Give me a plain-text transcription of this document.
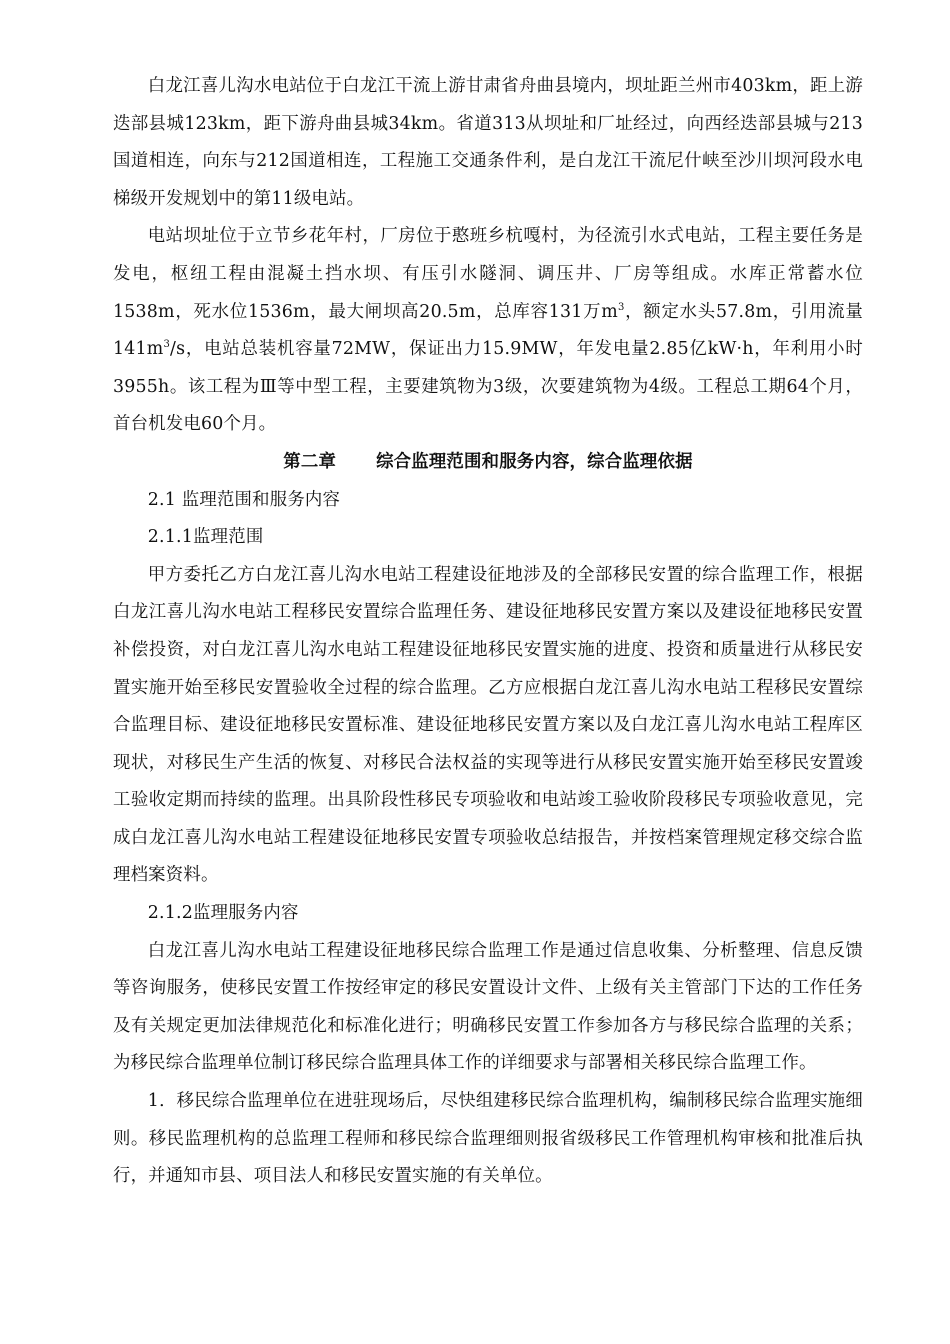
白龙江喜儿沟水电站位于白龙江干流上游甘肃省舟曲县境内，坝址距兰州市403km，距上游迭部县城123km，距下游舟曲县城34km。省道313从坝址和厂址经过，向西经迭部县城与213国道相连，向东与212国道相连，工程施工交通条件利，是白龙江干流尼什峡至沙川坝河段水电梯级开发规划中的第11级电站。

电站坝址位于立节乡花年村，厂房位于憨班乡杭嘎村，为径流引水式电站，工程主要任务是发电，枢纽工程由混凝土挡水坝、有压引水隧洞、调压井、厂房等组成。水库正常蓄水位1538m，死水位1536m，最大闸坝高20.5m，总库容131万$m^3$，额定水头57.8m，引用流量$141m^3/s$，电站总装机容量72MW，保证出力15.9MW，年发电量2.85亿kW·h，年利用小时3955h。该工程为Ⅲ等中型工程，主要建筑物为3级，次要建筑物为4级。工程总工期64个月，首台机发电60个月。

第二章 综合监理范围和服务内容，综合监理依据

2.1 监理范围和服务内容

2.1.1监理范围

甲方委托乙方白龙江喜儿沟水电站工程建设征地涉及的全部移民安置的综合监理工作，根据白龙江喜儿沟水电站工程移民安置综合监理任务、建设征地移民安置方案以及建设征地移民安置补偿投资，对白龙江喜儿沟水电站工程建设征地移民安置实施的进度、投资和质量进行从移民安置实施开始至移民安置验收全过程的综合监理。乙方应根据白龙江喜儿沟水电站工程移民安置综合监理目标、建设征地移民安置标准、建设征地移民安置方案以及白龙江喜儿沟水电站工程库区现状，对移民生产生活的恢复、对移民合法权益的实现等进行从移民安置实施开始至移民安置竣工验收定期而持续的监理。出具阶段性移民专项验收和电站竣工验收阶段移民专项验收意见，完成白龙江喜儿沟水电站工程建设征地移民安置专项验收总结报告，并按档案管理规定移交综合监理档案资料。

2.1.2监理服务内容

白龙江喜儿沟水电站工程建设征地移民综合监理工作是通过信息收集、分析整理、信息反馈等咨询服务，使移民安置工作按经审定的移民安置设计文件、上级有关主管部门下达的工作任务及有关规定更加法律规范化和标准化进行；明确移民安置工作参加各方与移民综合监理的关系；为移民综合监理单位制订移民综合监理具体工作的详细要求与部署相关移民综合监理工作。

1．移民综合监理单位在进驻现场后，尽快组建移民综合监理机构，编制移民综合监理实施细则。移民监理机构的总监理工程师和移民综合监理细则报省级移民工作管理机构审核和批准后执行，并通知市县、项目法人和移民安置实施的有关单位。
